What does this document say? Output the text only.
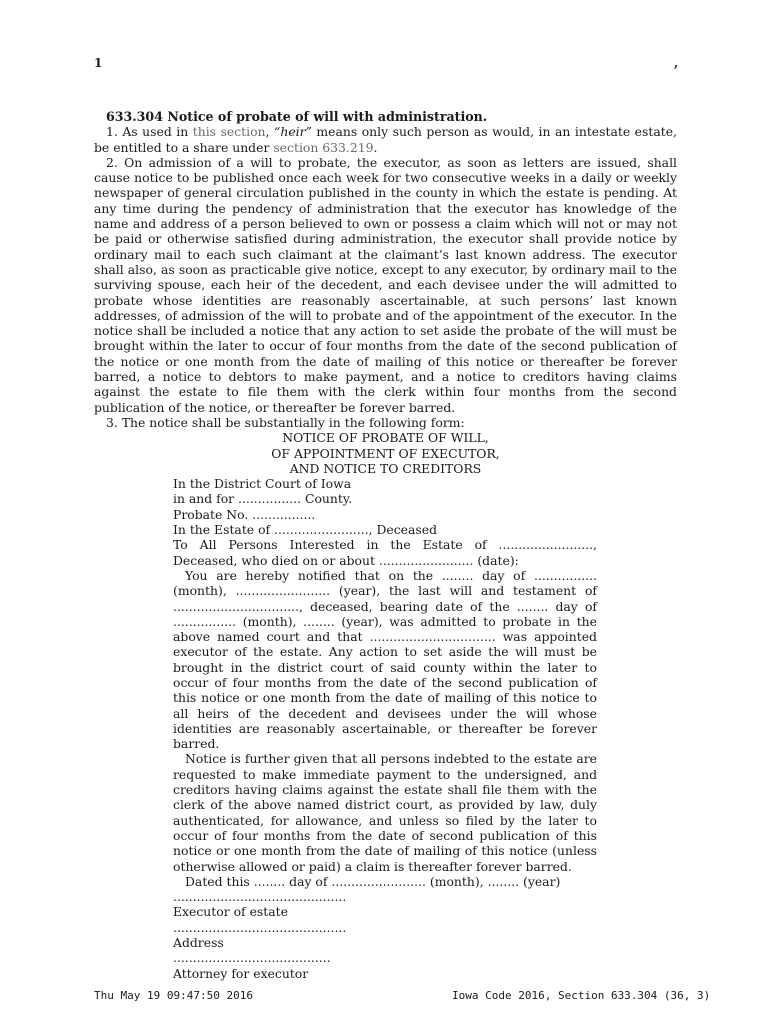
1	,

633.304 Notice of probate of will with administration.

1. As used in this section, “heir” means only such person as would, in an intestate estate, be entitled to a share under section 633.219.

2. On admission of a will to probate, the executor, as soon as letters are issued, shall cause notice to be published once each week for two consecutive weeks in a daily or weekly newspaper of general circulation published in the county in which the estate is pending. At any time during the pendency of administration that the executor has knowledge of the name and address of a person believed to own or possess a claim which will not or may not be paid or otherwise satisfied during administration, the executor shall provide notice by ordinary mail to each such claimant at the claimant’s last known address. The executor shall also, as soon as practicable give notice, except to any executor, by ordinary mail to the surviving spouse, each heir of the decedent, and each devisee under the will admitted to probate whose identities are reasonably ascertainable, at such persons’ last known addresses, of admission of the will to probate and of the appointment of the executor. In the notice shall be included a notice that any action to set aside the probate of the will must be brought within the later to occur of four months from the date of the second publication of the notice or one month from the date of mailing of this notice or thereafter be forever barred, a notice to debtors to make payment, and a notice to creditors having claims against the estate to file them with the clerk within four months from the second publication of the notice, or thereafter be forever barred.

3. The notice shall be substantially in the following form:

NOTICE OF PROBATE OF WILL,
OF APPOINTMENT OF EXECUTOR,
AND NOTICE TO CREDITORS

In the District Court of Iowa

in and for ................ County.

Probate No. ................

In the Estate of ........................, Deceased

To All Persons Interested in the Estate of ........................, Deceased, who died on or about ........................ (date):

You are hereby notified that on the ........ day of ................ (month), ........................ (year), the last will and testament of ................................, deceased, bearing date of the ........ day of ................ (month), ........ (year), was admitted to probate in the above named court and that ................................ was appointed executor of the estate. Any action to set aside the will must be brought in the district court of said county within the later to occur of four months from the date of the second publication of this notice or one month from the date of mailing of this notice to all heirs of the decedent and devisees under the will whose identities are reasonably ascertainable, or thereafter be forever barred.

Notice is further given that all persons indebted to the estate are requested to make immediate payment to the undersigned, and creditors having claims against the estate shall file them with the clerk of the above named district court, as provided by law, duly authenticated, for allowance, and unless so filed by the later to occur of four months from the date of second publication of this notice or one month from the date of mailing of this notice (unless otherwise allowed or paid) a claim is thereafter forever barred.

Dated this ........ day of ........................ (month), ........ (year)

............................................

Executor of estate

............................................

Address

........................................

Attorney for executor

Thu May 19 09:47:50 2016	Iowa Code 2016, Section 633.304 (36, 3)
